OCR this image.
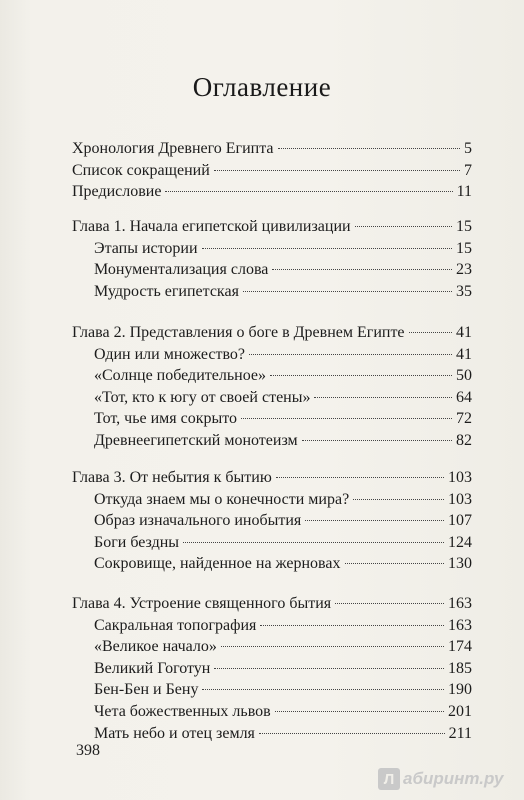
Оглавление
Хронология Древнего Египта	5
Список сокращений	7
Предисловие	11
Глава 1. Начала египетской цивилизации	15
Этапы истории	15
Монументализация слова	23
Мудрость египетская	35
Глава 2. Представления о боге в Древнем Египте	41
Один или множество?	41
«Солнце победительное»	50
«Тот, кто к югу от своей стены»	64
Тот, чье имя сокрыто	72
Древнеегипетский монотеизм	82
Глава 3. От небытия к бытию	103
Откуда знаем мы о конечности мира?	103
Образ изначального инобытия	107
Боги бездны	124
Сокровище, найденное на жерновах	130
Глава 4. Устроение священного бытия	163
Сакральная топография	163
«Великое начало»	174
Великий Гоготун	185
Бен-Бен и Бену	190
Чета божественных львов	201
Мать небо и отец земля	211
398
Л абиринт.ру
